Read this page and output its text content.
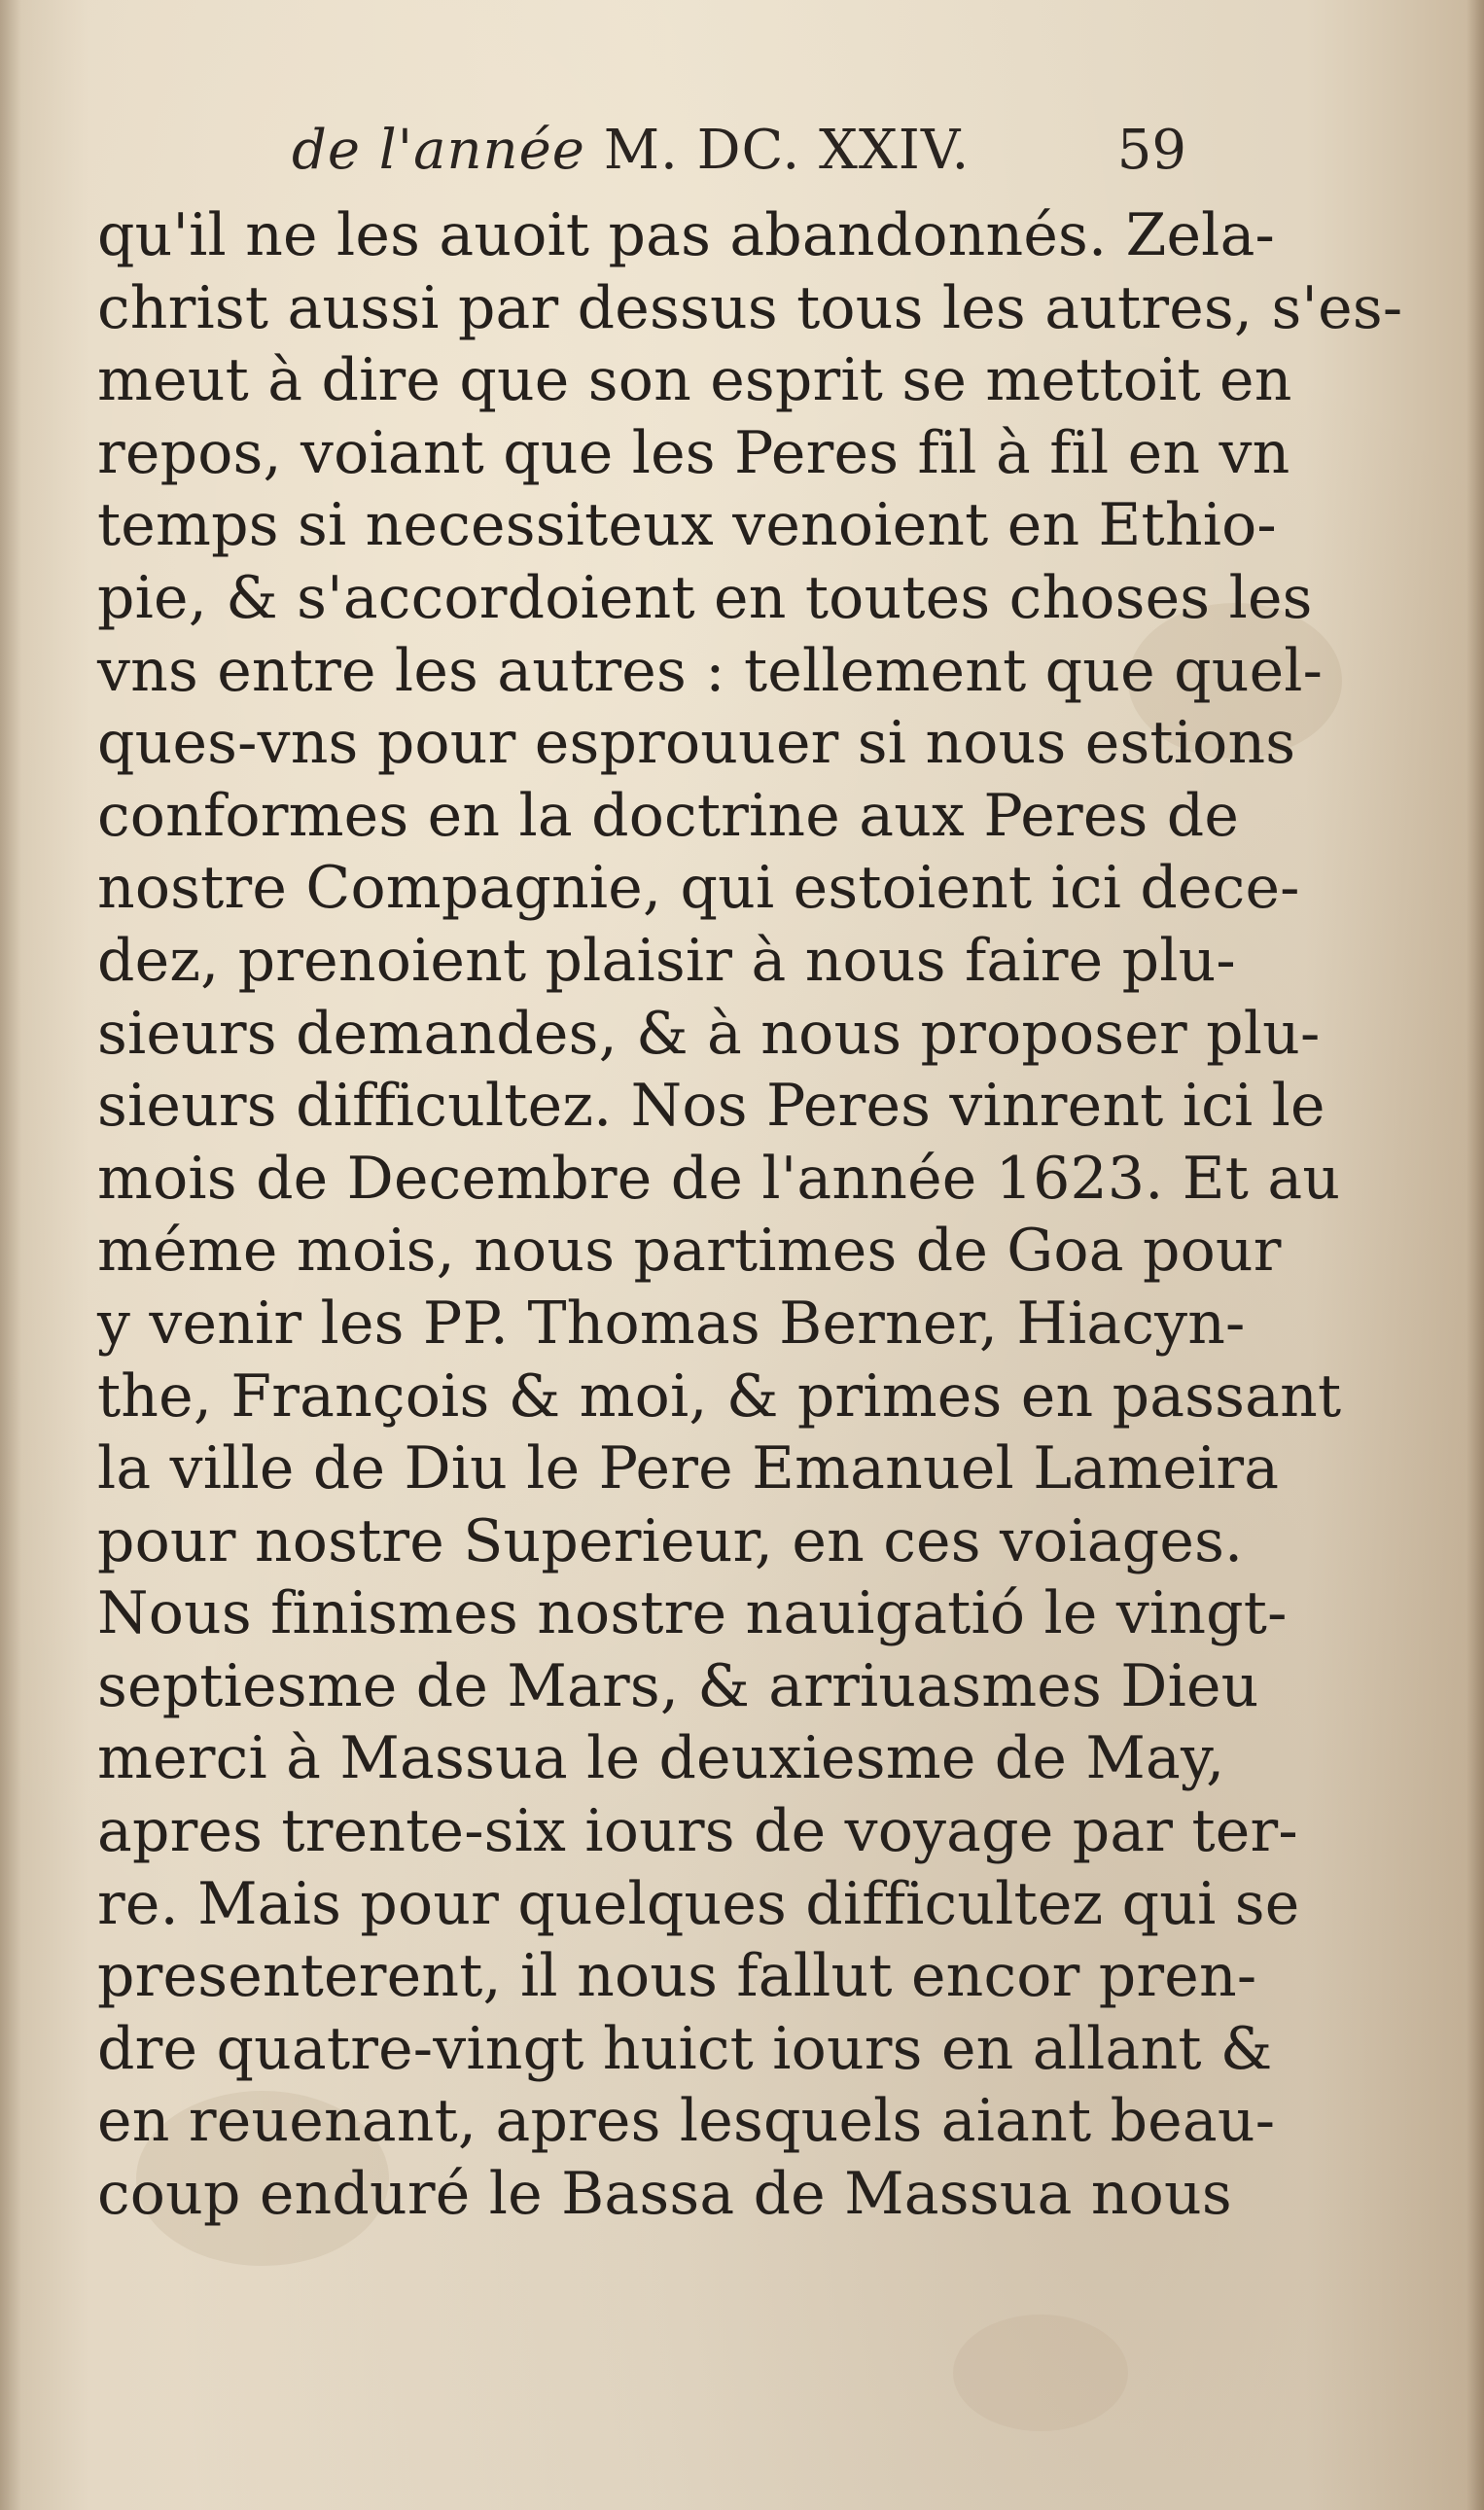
de l'année M. DC. XXIV.	59
qu'il ne les auoit pas abandonnés. Zela-
christ aussi par dessus tous les autres, s'es-
meut à dire que son esprit se mettoit en
repos, voiant que les Peres fil à fil en vn
temps si necessiteux venoient en Ethio-
pie, & s'accordoient en toutes choses les
vns entre les autres : tellement que quel-
ques-vns pour esprouuer si nous estions
conformes en la doctrine aux Peres de
nostre Compagnie, qui estoient ici dece-
dez, prenoient plaisir à nous faire plu-
sieurs demandes, & à nous proposer plu-
sieurs difficultez. Nos Peres vinrent ici le
mois de Decembre de l'année 1623. Et au
méme mois, nous partimes de Goa pour
y venir les PP. Thomas Berner, Hiacyn-
the, François & moi, & primes en passant
la ville de Diu le Pere Emanuel Lameira
pour nostre Superieur, en ces voiages.
Nous finismes nostre nauigatió le vingt-
septiesme de Mars, & arriuasmes Dieu
merci à Massua le deuxiesme de May,
apres trente-six iours de voyage par ter-
re. Mais pour quelques difficultez qui se
presenterent, il nous fallut encor pren-
dre quatre-vingt huict iours en allant &
en reuenant, apres lesquels aiant beau-
coup enduré le Bassa de Massua nous
